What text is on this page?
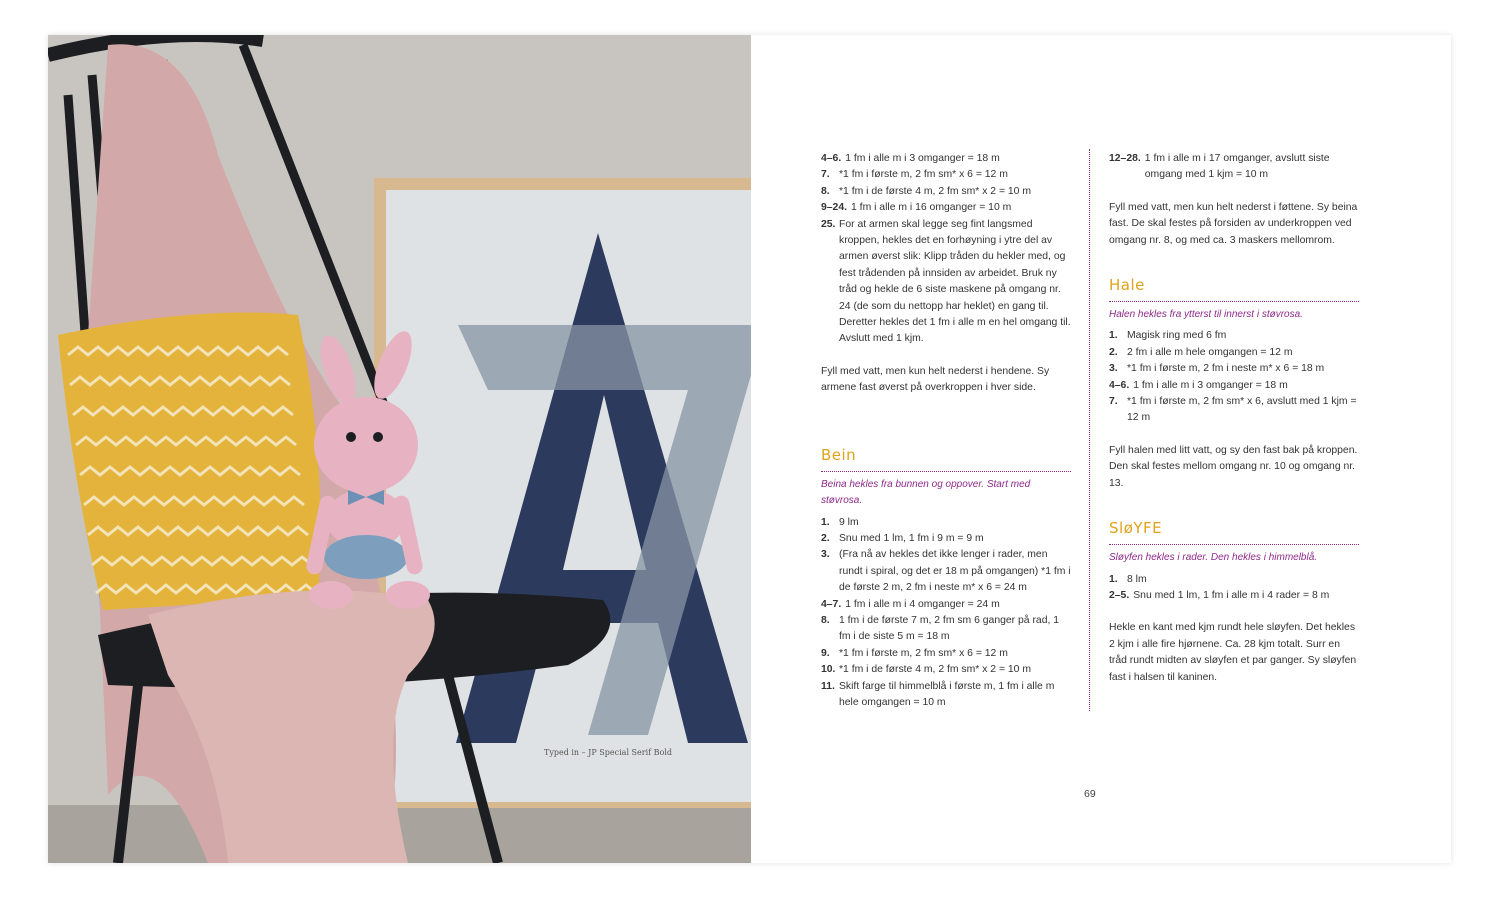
Typed in – JP Special Serif Bold
4–6. 1 fm i alle m i 3 omganger = 18 m
7. *1 fm i første m, 2 fm sm* x 6 = 12 m
8. *1 fm i de første 4 m, 2 fm sm* x 2 = 10 m
9–24. 1 fm i alle m i 16 omganger = 10 m
25. For at armen skal legge seg fint langsmed kroppen, hekles det en forhøyning i ytre del av armen øverst slik: Klipp tråden du hekler med, og fest trådenden på innsiden av arbeidet. Bruk ny tråd og hekle de 6 siste maskene på omgang nr. 24 (de som du nettopp har heklet) en gang til. Deretter hekles det 1 fm i alle m en hel omgang til. Avslutt med 1 kjm.
Fyll med vatt, men kun helt nederst i hendene. Sy armene fast øverst på overkroppen i hver side.
Bein
Beina hekles fra bunnen og oppover. Start med støvrosa.
1. 9 lm
2. Snu med 1 lm, 1 fm i 9 m = 9 m
3. (Fra nå av hekles det ikke lenger i rader, men rundt i spiral, og det er 18 m på omgangen) *1 fm i de første 2 m, 2 fm i neste m* x 6 = 24 m
4–7. 1 fm i alle m i 4 omganger = 24 m
8. 1 fm i de første 7 m, 2 fm sm 6 ganger på rad, 1 fm i de siste 5 m = 18 m
9. *1 fm i første m, 2 fm sm* x 6 = 12 m
10. *1 fm i de første 4 m, 2 fm sm* x 2 = 10 m
11. Skift farge til himmelblå i første m, 1 fm i alle m hele omgangen = 10 m
12–28. 1 fm i alle m i 17 omganger, avslutt siste omgang med 1 kjm = 10 m
Fyll med vatt, men kun helt nederst i føttene. Sy beina fast. De skal festes på forsiden av underkroppen ved omgang nr. 8, og med ca. 3 maskers mellomrom.
Hale
Halen hekles fra ytterst til innerst i støvrosa.
1. Magisk ring med 6 fm
2. 2 fm i alle m hele omgangen = 12 m
3. *1 fm i første m, 2 fm i neste m* x 6 = 18 m
4–6. 1 fm i alle m i 3 omganger = 18 m
7. *1 fm i første m, 2 fm sm* x 6, avslutt med 1 kjm = 12 m
Fyll halen med litt vatt, og sy den fast bak på kroppen. Den skal festes mellom omgang nr. 10 og omgang nr. 13.
SløYFE
Sløyfen hekles i rader. Den hekles i himmelblå.
1. 8 lm
2–5. Snu med 1 lm, 1 fm i alle m i 4 rader = 8 m
Hekle en kant med kjm rundt hele sløyfen. Det hekles 2 kjm i alle fire hjørnene. Ca. 28 kjm totalt. Surr en tråd rundt midten av sløyfen et par ganger. Sy sløyfen fast i halsen til kaninen.
69
